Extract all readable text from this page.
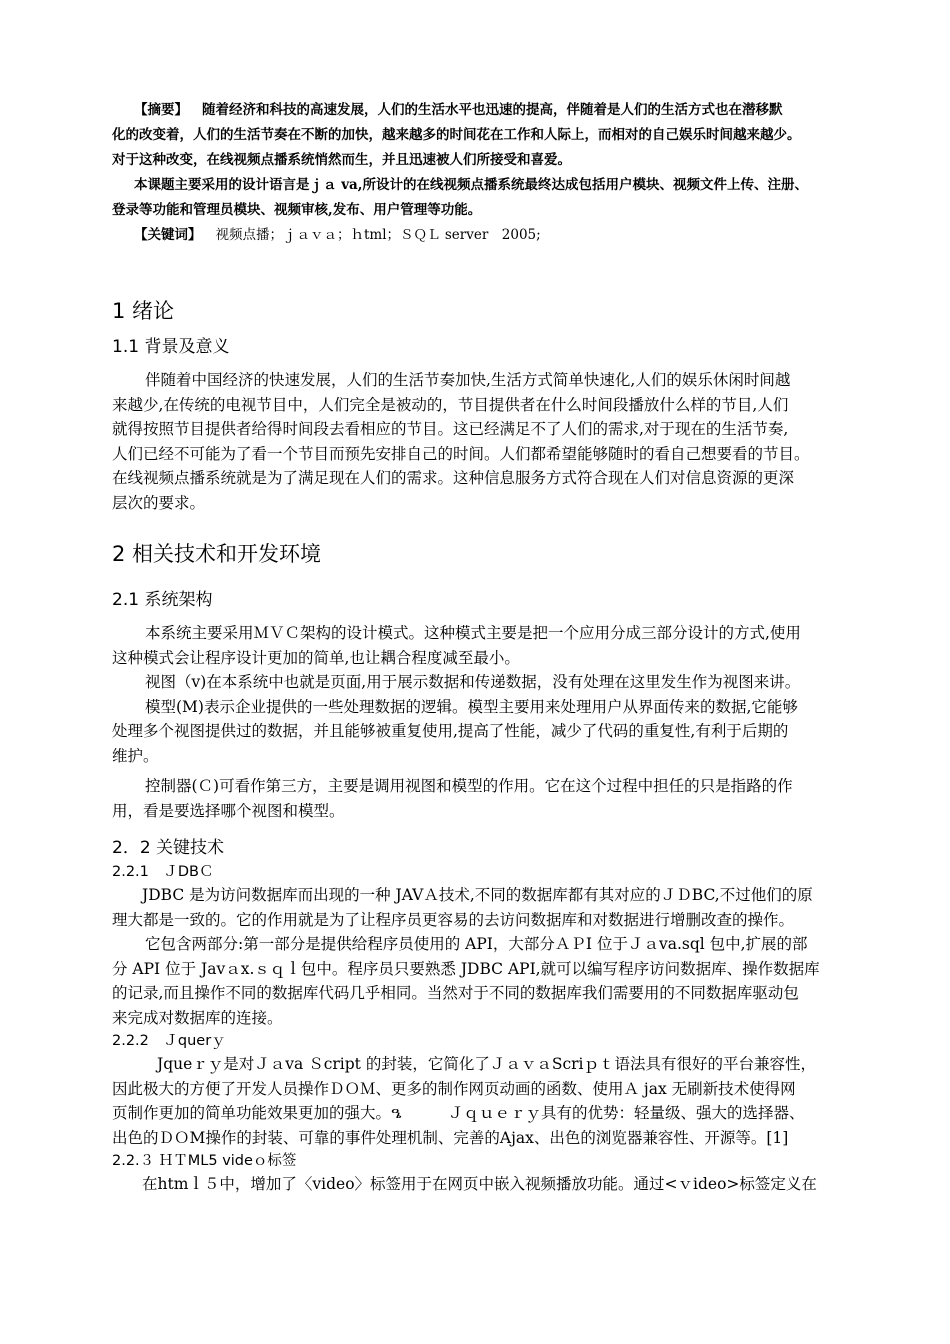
【摘要】 随着经济和科技的高速发展，人们的生活水平也迅速的提高，伴随着是人们的生活方式也在潜移默

化的改变着，人们的生活节奏在不断的加快，越来越多的时间花在工作和人际上，而相对的自己娱乐时间越来越少。

对于这种改变，在线视频点播系统悄然而生，并且迅速被人们所接受和喜爱。

本课题主要采用的设计语言是ｊａ va,所设计的在线视频点播系统最终达成包括用户模块、视频文件上传、注册、

登录等功能和管理员模块、视频审核,发布、用户管理等功能。

【关键词】 视频点播；ｊａｖａ；ｈtml；ＳＱＬ server　2005;

1 绪论
1.1 背景及意义

伴随着中国经济的快速发展，人们的生活节奏加快,生活方式简单快速化,人们的娱乐休闲时间越

来越少,在传统的电视节目中，人们完全是被动的，节目提供者在什么时间段播放什么样的节目,人们

就得按照节目提供者给得时间段去看相应的节目。这已经满足不了人们的需求,对于现在的生活节奏,

人们已经不可能为了看一个节目而预先安排自己的时间。人们都希望能够随时的看自己想要看的节目。

在线视频点播系统就是为了满足现在人们的需求。这种信息服务方式符合现在人们对信息资源的更深

层次的要求。

2 相关技术和开发环境
2.1 系统架构

本系统主要采用ＭＶＣ架构的设计模式。这种模式主要是把一个应用分成三部分设计的方式,使用

这种模式会让程序设计更加的简单,也让耦合程度减至最小。

视图（v)在本系统中也就是页面,用于展示数据和传递数据，没有处理在这里发生作为视图来讲。

模型(M)表示企业提供的一些处理数据的逻辑。模型主要用来处理用户从界面传来的数据,它能够

处理多个视图提供过的数据，并且能够被重复使用,提高了性能，减少了代码的重复性,有利于后期的

维护。

控制器(Ｃ)可看作第三方，主要是调用视图和模型的作用。它在这个过程中担任的只是指路的作

用，看是要选择哪个视图和模型。

2．2 关键技术
2.2.1　ＪDBＣ

JDBC 是为访问数据库而出现的一种 JAVＡ技术,不同的数据库都有其对应的ＪＤBC,不过他们的原

理大都是一致的。它的作用就是为了让程序员更容易的去访问数据库和对数据进行增删改查的操作。

它包含两部分:第一部分是提供给程序员使用的 API，大部分ＡＰI 位于Ｊａva.sql 包中,扩展的部

分 API 位于 Javａx.ｓｑｌ包中。程序员只要熟悉 JDBC API,就可以编写程序访问数据库、操作数据库

的记录,而且操作不同的数据库代码几乎相同。当然对于不同的数据库我们需要用的不同数据库驱动包

来完成对数据库的连接。

2.2.2　Ｊquerｙ

Jqueｒｙ是对Ｊａva Ｓcript 的封装，它简化了ＪａｖａScriｐｔ语法具有很好的平台兼容性，

因此极大的方便了开发人员操作ＤＯＭ、更多的制作网页动画的函数、使用Ａ jax 无刷新技术使得网

页制作更加的简单功能效果更加的强大。ዔ　　　Ｊｑｕｅｒｙ具有的优势：轻量级、强大的选择器、

出色的ＤＯM操作的封装、可靠的事件处理机制、完善的Ajax、出色的浏览器兼容性、开源等。[1]

2.2.３ ＨＴML5 videｏ标签

在htmｌ５中，增加了〈video〉标签用于在网页中嵌入视频播放功能。通过<ｖideo>标签定义在
